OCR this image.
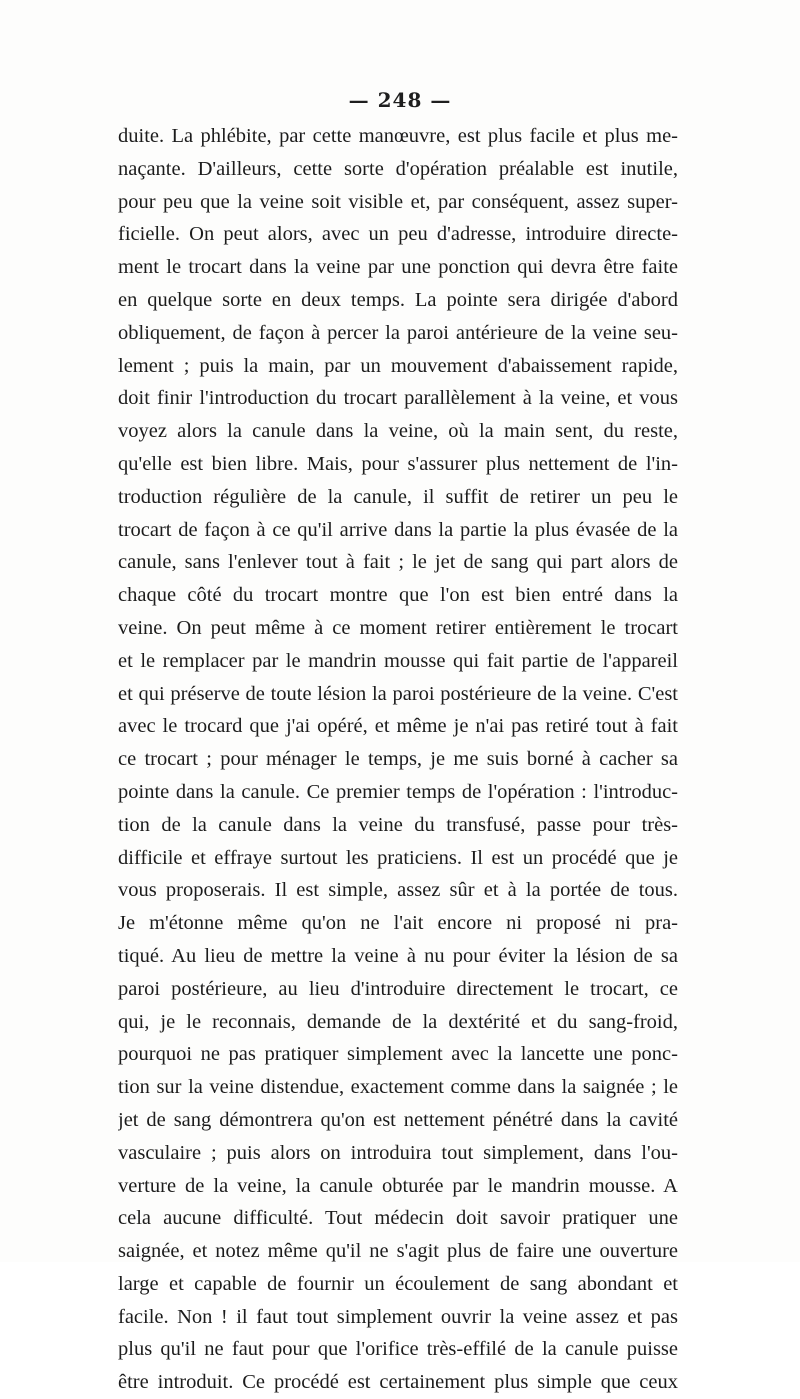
— 248 —
duite. La phlébite, par cette manœuvre, est plus facile et plus me-
naçante. D'ailleurs, cette sorte d'opération préalable est inutile,
pour peu que la veine soit visible et, par conséquent, assez super-
ficielle. On peut alors, avec un peu d'adresse, introduire directe-
ment le trocart dans la veine par une ponction qui devra être faite
en quelque sorte en deux temps. La pointe sera dirigée d'abord
obliquement, de façon à percer la paroi antérieure de la veine seu-
lement ; puis la main, par un mouvement d'abaissement rapide,
doit finir l'introduction du trocart parallèlement à la veine, et vous
voyez alors la canule dans la veine, où la main sent, du reste,
qu'elle est bien libre. Mais, pour s'assurer plus nettement de l'in-
troduction régulière de la canule, il suffit de retirer un peu le
trocart de façon à ce qu'il arrive dans la partie la plus évasée de la
canule, sans l'enlever tout à fait ; le jet de sang qui part alors de
chaque côté du trocart montre que l'on est bien entré dans la
veine. On peut même à ce moment retirer entièrement le trocart
et le remplacer par le mandrin mousse qui fait partie de l'appareil
et qui préserve de toute lésion la paroi postérieure de la veine. C'est
avec le trocard que j'ai opéré, et même je n'ai pas retiré tout à fait
ce trocart ; pour ménager le temps, je me suis borné à cacher sa
pointe dans la canule. Ce premier temps de l'opération : l'introduc-
tion de la canule dans la veine du transfusé, passe pour très-
difficile et effraye surtout les praticiens. Il est un procédé que je
vous proposerais. Il est simple, assez sûr et à la portée de tous.
Je m'étonne même qu'on ne l'ait encore ni proposé ni pra-
tiqué. Au lieu de mettre la veine à nu pour éviter la lésion de sa
paroi postérieure, au lieu d'introduire directement le trocart, ce
qui, je le reconnais, demande de la dextérité et du sang-froid,
pourquoi ne pas pratiquer simplement avec la lancette une ponc-
tion sur la veine distendue, exactement comme dans la saignée ; le
jet de sang démontrera qu'on est nettement pénétré dans la cavité
vasculaire ; puis alors on introduira tout simplement, dans l'ou-
verture de la veine, la canule obturée par le mandrin mousse. A
cela aucune difficulté. Tout médecin doit savoir pratiquer une
saignée, et notez même qu'il ne s'agit plus de faire une ouverture
large et capable de fournir un écoulement de sang abondant et
facile. Non ! il faut tout simplement ouvrir la veine assez et pas
plus qu'il ne faut pour que l'orifice très-effilé de la canule puisse
être introduit. Ce procédé est certainement plus simple que ceux
